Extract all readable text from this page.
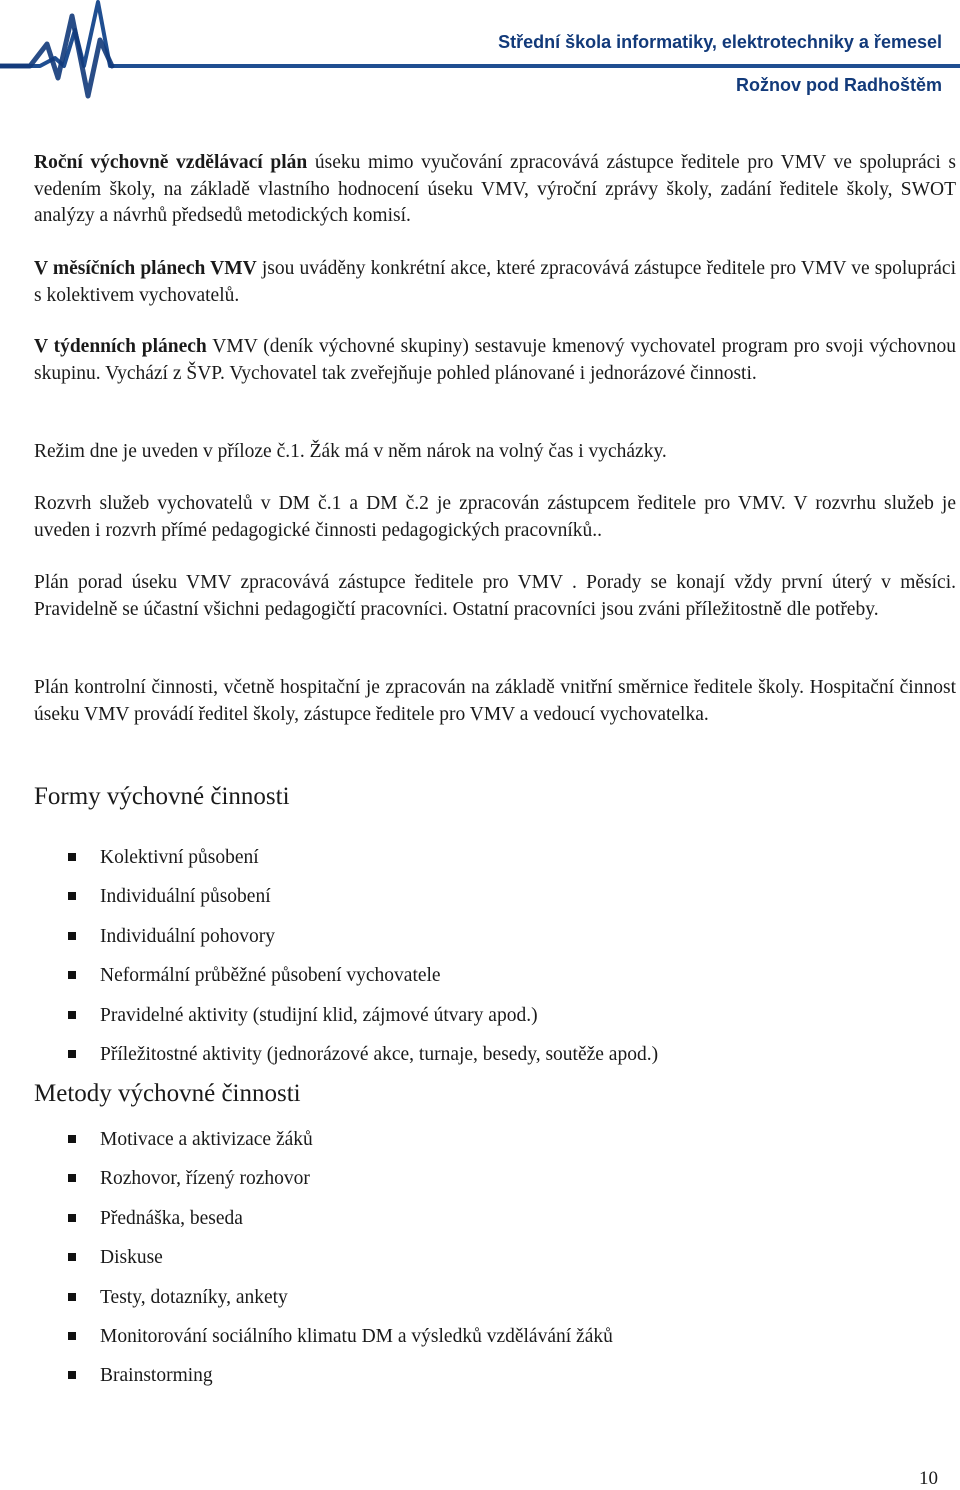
Střední škola informatiky, elektrotechniky a řemesel
Rožnov pod Radhoštěm

Roční výchovně vzdělávací plán úseku mimo vyučování zpracovává zástupce ředitele pro VMV ve spolupráci s vedením školy, na základě vlastního hodnocení úseku VMV, výroční zprávy školy, zadání ředitele školy, SWOT analýzy a návrhů předsedů metodických komisí.

V měsíčních plánech VMV jsou uváděny konkrétní akce, které zpracovává zástupce ředitele pro VMV ve spolupráci s kolektivem vychovatelů.

V týdenních plánech VMV (deník výchovné skupiny) sestavuje kmenový vychovatel program pro svoji výchovnou skupinu. Vychází z ŠVP. Vychovatel tak zveřejňuje pohled plánované i jednorázové činnosti.

Režim dne je uveden v příloze č.1. Žák má v něm nárok na volný čas i vycházky.

Rozvrh služeb vychovatelů v DM č.1 a DM č.2 je zpracován zástupcem ředitele pro VMV. V rozvrhu služeb je uveden i rozvrh přímé pedagogické činnosti pedagogických pracovníků..

Plán porad úseku VMV zpracovává zástupce ředitele pro VMV . Porady se konají vždy první úterý v měsíci. Pravidelně se účastní všichni pedagogičtí pracovníci. Ostatní pracovníci jsou zváni příležitostně dle potřeby.

Plán kontrolní činnosti, včetně hospitační je zpracován na základě vnitřní směrnice ředitele školy. Hospitační činnost úseku VMV provádí ředitel školy, zástupce ředitele pro VMV a vedoucí vychovatelka.

Formy výchovné činnosti
Kolektivní působení
Individuální působení
Individuální pohovory
Neformální průběžné působení vychovatele
Pravidelné aktivity (studijní klid, zájmové útvary apod.)
Příležitostné aktivity (jednorázové akce, turnaje, besedy, soutěže apod.)
Metody výchovné činnosti
Motivace a aktivizace žáků
Rozhovor, řízený rozhovor
Přednáška, beseda
Diskuse
Testy, dotazníky, ankety
Monitorování sociálního klimatu DM a výsledků vzdělávání žáků
Brainstorming
10
